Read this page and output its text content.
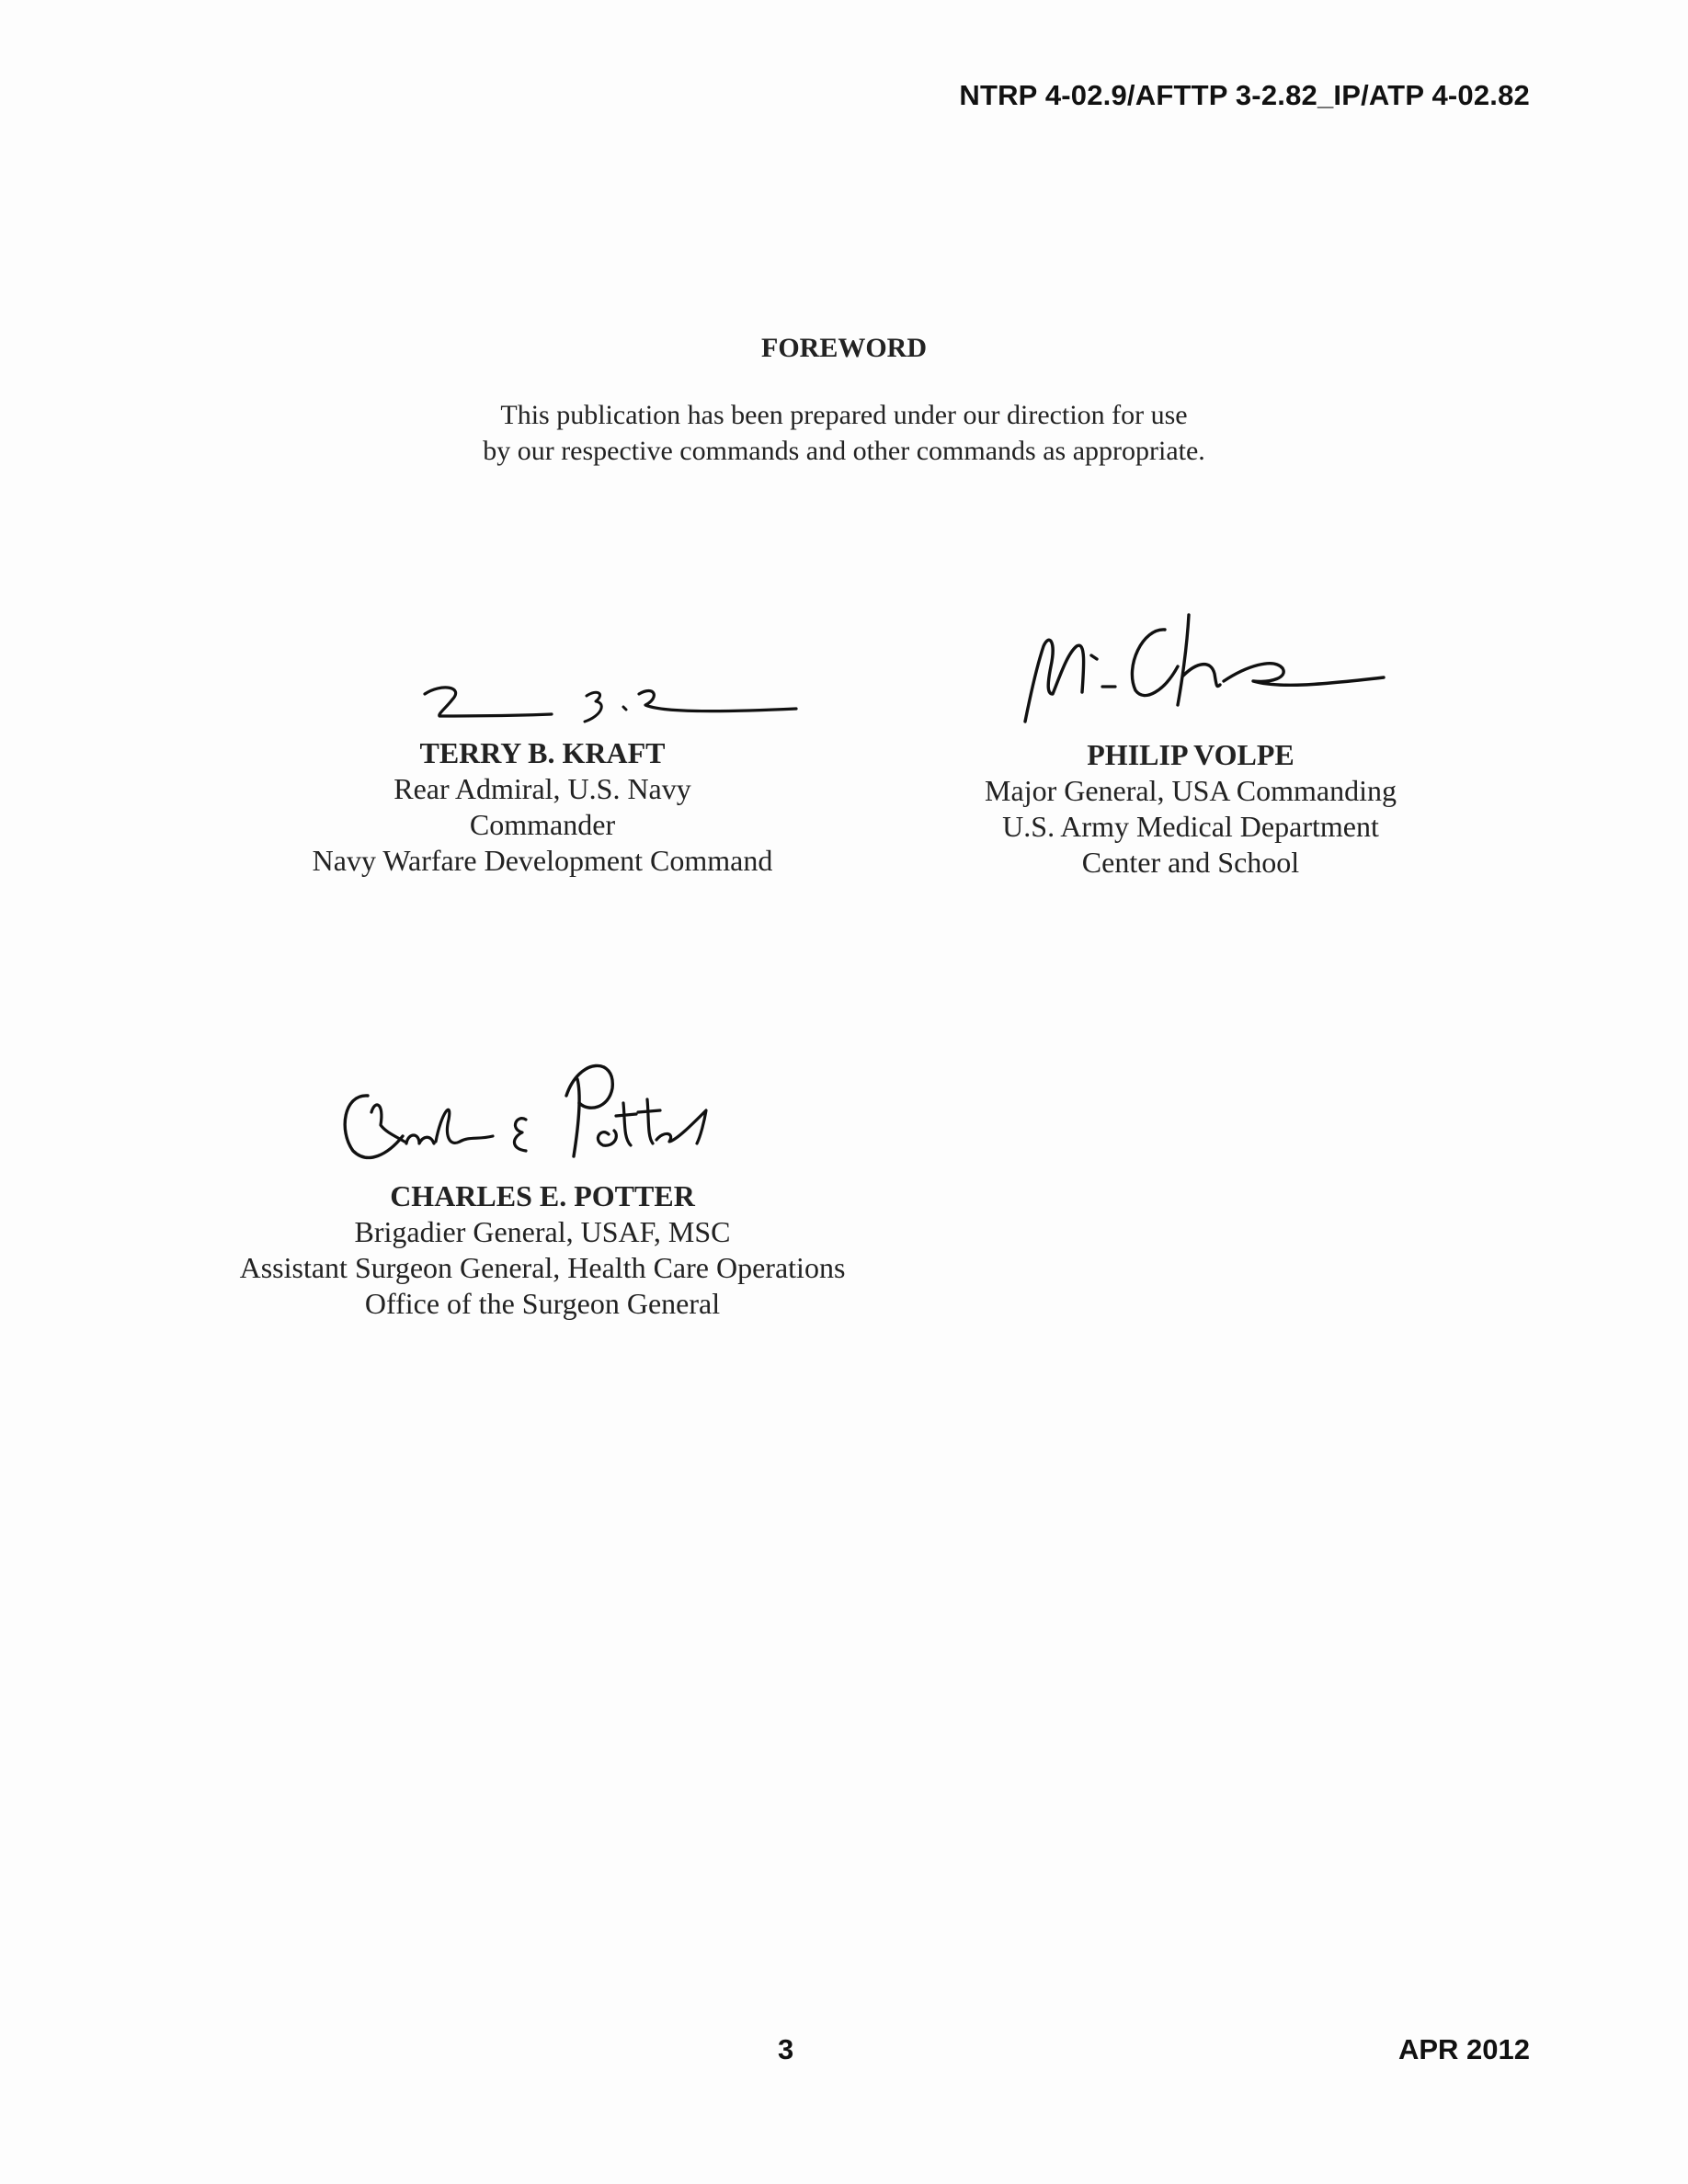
NTRP 4-02.9/AFTTP 3-2.82_IP/ATP 4-02.82
FOREWORD
This publication has been prepared under our direction for use
by our respective commands and other commands as appropriate.
TERRY B. KRAFT
Rear Admiral, U.S. Navy
Commander
Navy Warfare Development Command
PHILIP VOLPE
Major General, USA Commanding
U.S. Army Medical Department
Center and School
CHARLES E. POTTER
Brigadier General, USAF, MSC
Assistant Surgeon General, Health Care Operations
Office of the Surgeon General
3	APR 2012
